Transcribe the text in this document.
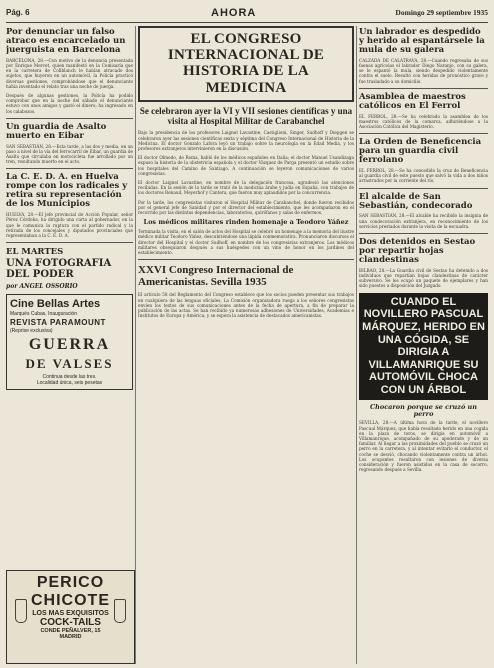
Pág. 6	AHORA	Domingo 29 septiembre 1935
Por denunciar un falso atraco es encarcelado un juerguista en Barcelona

BARCELONA, 28.—Con motivo de la denuncia presentada por Enrique Mercet, quien manifestó en la Comisaría que en la carretera de Collblanch le habían atracado dos sujetos, que huyeron en un automóvil, la Policía practicó diversas gestiones, comprobándose que el denunciante había inventado el relato tras una noche de juerga.

Después de algunas gestiones, la Policía ha podido comprobar que en la noche del sábado el denunciante estuvo con unos amigos y gastó el dinero; ha ingresado en los calabozos.

Un guardia de Asalto muerto en Eibar

SAN SEBASTIÁN, 28.—Esta tarde, a las dos y media, en un paso a nivel de la vía del ferrocarril de Eibar, un guardia de Asalto que circulaba en motocicleta fue arrollado por un tren, resultando muerto en el acto.

La C. E. D. A. en Huelva rompe con los radicales y retira su representación de los Municipios

HUELVA, 28.—El jefe provincial de Acción Popular, señor Pérez Córdoba, ha dirigido una carta al gobernador, en la que le comunica la ruptura con el partido radical y la retirada de los concejales y diputados provinciales que representaban a la C. E. D. A.

EL MARTES
UNA FOTOGRAFIA DEL PODER
por ANGEL OSSORIO
Cine Bellas Artes
Marqués Cubas, Inauguración
REVISTA PARAMOUNT
(Reprise exclusiva)
GUERRA
DE VALSES
Continua desde las tres.
Localidad única, seis pesetas
PERICO
CHICOTE
LOS MAS EXQUISITOS
COCK-TAILS
CONDE PEÑALVER, 15
MADRID
EL CONGRESO INTERNACIONAL DE HISTORIA DE LA MEDICINA
Se celebraron ayer la VI y VII sesiones científicas y una visita al Hospital Militar de Carabanchel

Bajo la presidencia de los profesores Laignel Lavastine, Castiglioni, Singer, Sudhoff y Diepgen se celebraron ayer las sesiones científicas sexta y séptima del Congreso Internacional de Historia de la Medicina. El doctor Gonzalo Lafora leyó un trabajo sobre la neurología en la Edad Media, y los profesores extranjeros intervinieron en la discusión.

El doctor Olmedo, de Roma, habló de los médicos españoles en Italia; el doctor Manuel Usandizaga expuso la historia de la obstetricia española y el doctor Vázquez de Parga presentó un estudio sobre los hospitales del Camino de Santiago. A continuación se leyeron comunicaciones de varios congresistas.

El doctor Laignel Lavastine, en nombre de la delegación francesa, agradeció las atenciones recibidas. En la sesión de la tarde se trató de la medicina árabe y judía en España, con trabajos de los doctores Renaud, Meyerhof y Cantera, que fueron muy aplaudidos por la concurrencia.

Por la tarde, los congresistas visitaron el Hospital Militar de Carabanchel, donde fueron recibidos por el general jefe de Sanidad y por el director del establecimiento, que les acompañaron en el recorrido por las distintas dependencias, laboratorios, quirófanos y salas de enfermos.

Los médicos militares rinden homenaje a Teodoro Yáñez

Terminada la visita, en el salón de actos del Hospital se celebró un homenaje a la memoria del ilustre médico militar Teodoro Yáñez, descubriéndose una lápida conmemorativa. Pronunciaron discursos el director del Hospital y el doctor Sudhoff, en nombre de los congresistas extranjeros. Los médicos militares obsequiaron después a sus huéspedes con un vino de honor en los jardines del establecimiento.

XXVI Congreso Internacional de Americanistas. Sevilla 1935

El artículo 58 del Reglamento del Congreso establece que los socios pueden presentar sus trabajos en cualquiera de las lenguas oficiales. La Comisión organizadora ruega a los señores congresistas envíen los textos de sus comunicaciones antes de la fecha de apertura, a fin de preparar la publicación de las actas. Se han recibido ya numerosas adhesiones de Universidades, Academias e Institutos de Europa y América, y se espera la asistencia de destacados americanistas.

Un labrador es despedido y herido al espantársele la mula de su galera

CALZADA DE CALATRAVA, 28.—Cuando regresaba de sus faenas agrícolas el labrador Diego Naranjo, con su galera, se le espantó la mula, siendo despedido violentamente contra el suelo. Resultó con heridas de pronóstico grave y fue trasladado a su domicilio.

Asamblea de maestros católicos en El Ferrol

EL FERROL, 28.—Se ha celebrado la asamblea de los maestros católicos de la comarca, adhiriéndose a la Asociación Católica del Magisterio.

La Orden de Beneficencia para un guardia civil ferrolano

EL FERROL, 28.—Se ha concedido la cruz de Beneficencia al guardia civil de este puesto que salvó la vida a dos niños arrastrados por la corriente del río.

El alcalde de San Sebastián, condecorado

SAN SEBASTIÁN, 28.—El alcalde ha recibido la insignia de una condecoración extranjera, en reconocimiento de los servicios prestados durante la visita de la escuadra.

Dos detenidos en Sestao por repartir hojas clandestinas

BILBAO, 28.—La Guardia civil de Sestao ha detenido a dos individuos que repartían hojas clandestinas de carácter subversivo. Se les ocupó un paquete de ejemplares y han sido puestos a disposición del Juzgado.

CUANDO EL NOVILLERO PASCUAL MÁRQUEZ, HERIDO EN UNA CÓGIDA, SE DIRIGIA A VILLAMANRIQUE SU AUTOMÓVIL CHOCA CON UN ÁRBOL
Chocaron porque se cruzó un perro

SEVILLA, 28.—A última hora de la tarde, el novillero Pascual Márquez, que había resultado herido en una cogida en la plaza de toros, se dirigía en automóvil a Villamanrique, acompañado de su apoderado y de un familiar. Al llegar a las proximidades del pueblo se cruzó un perro en la carretera, y al intentar evitarlo el conductor, el coche se desvió, chocando violentamente contra un árbol. Los ocupantes resultaron con lesiones de diversa consideración y fueron asistidos en la casa de socorro, regresando después a Sevilla.
